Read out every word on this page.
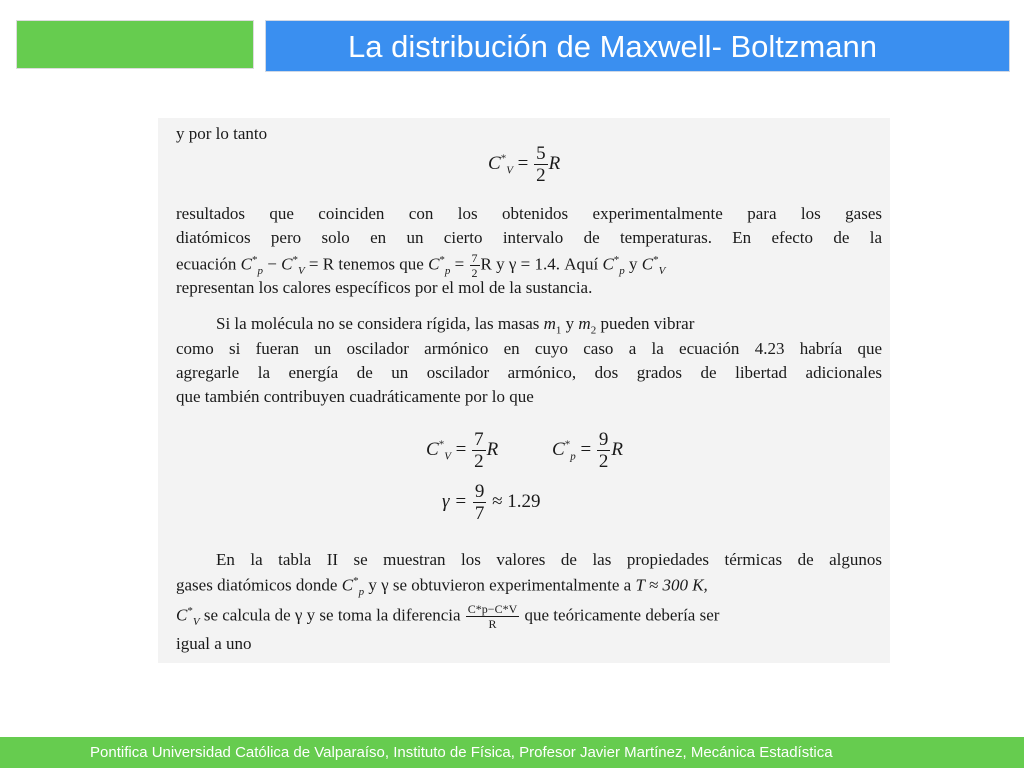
La distribución de Maxwell- Boltzmann
y por lo tanto
$C^*_V = \frac{5}{2}$ R
resultados que coinciden con los obtenidos experimentalmente para los gases
diatómicos pero solo en un cierto intervalo de temperaturas. En efecto de la
ecuación $C^*_p - C^*_V = R$ tenemos que $C^*_p = \frac{7}{2}$ R y γ = 1.4. Aquí $C^*_p$ y $C^*_V$
representan los calores específicos por el mol de la sustancia.
Si la molécula no se considera rígida, las masas $m_1$ y $m_2$ pueden vibrar
como si fueran un oscilador armónico en cuyo caso a la ecuación 4.23 habría que
agregarle la energía de un oscilador armónico, dos grados de libertad adicionales
que también contribuyen cuadráticamente por lo que
$C^*_V = \frac{7}{2}$ R	$C^*_p = \frac{9}{2}$ R
$\gamma = \frac{9}{7} \approx 1.29$
En la tabla II se muestran los valores de las propiedades térmicas de algunos
gases diatómicos donde $C^*_p$ y γ se obtuvieron experimentalmente a T ≈ 300 K,
$C^*_V$ se calcula de γ y se toma la diferencia $\frac{C*p-C*V}{R}$ que teóricamente debería ser
igual a uno
Pontifica Universidad Católica de Valparaíso, Instituto de Física, Profesor Javier Martínez, Mecánica Estadística
